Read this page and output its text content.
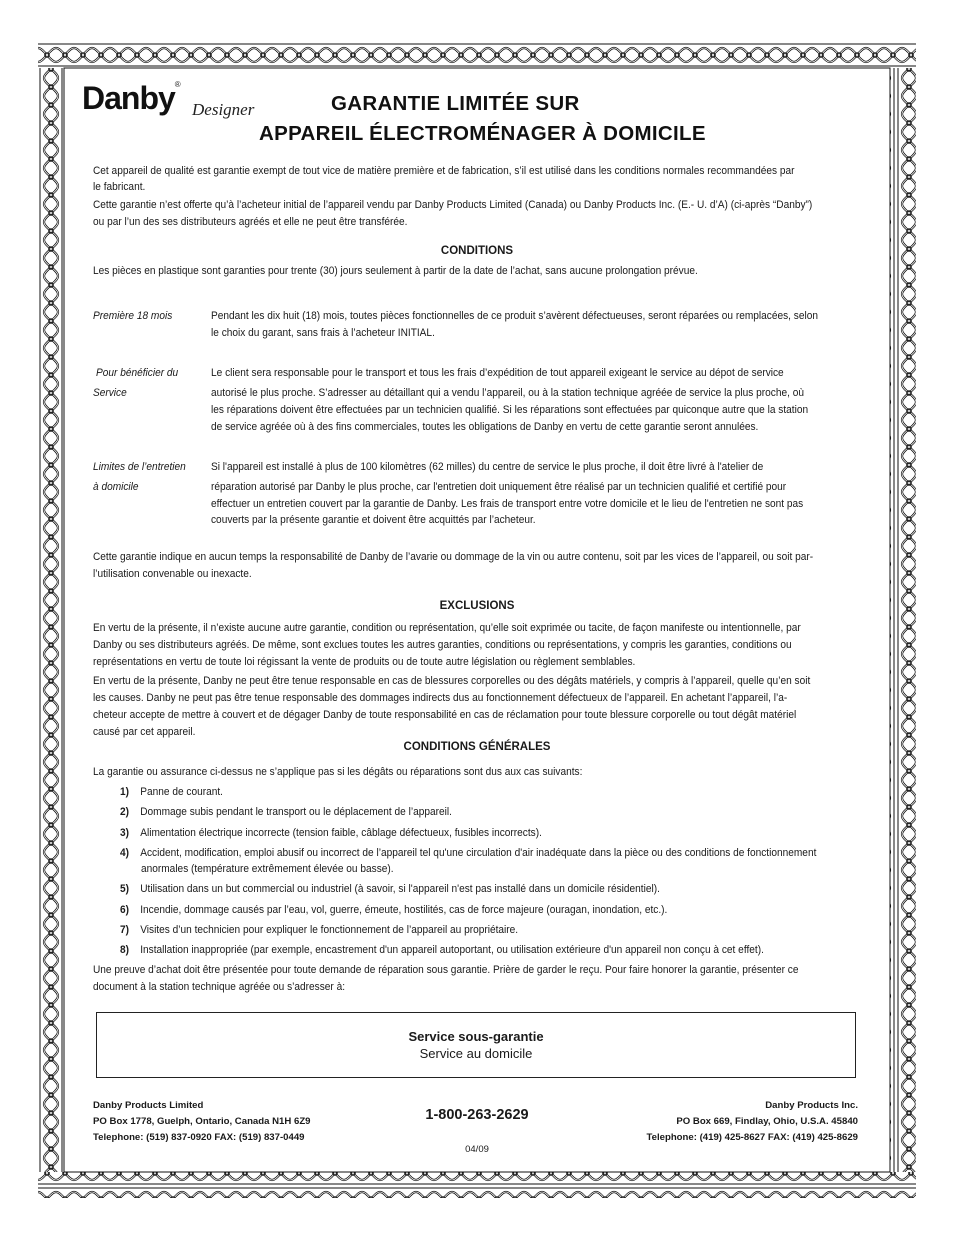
Danby®
Designer	GARANTIE LIMITÉE SUR
APPAREIL ÉLECTROMÉNAGER À DOMICILE
Cet appareil de qualité est garantie exempt de tout vice de matière première et de fabrication, s’il est utilisé dans les conditions normales recommandées par
le fabricant.
Cette garantie n’est offerte qu’à l’acheteur initial de l’appareil vendu par Danby Products Limited (Canada) ou Danby Products Inc. (E.- U. d’A) (ci-après “Danby”)
ou par l’un des ses distributeurs agréés et elle ne peut être transférée.
CONDITIONS
Les pièces en plastique sont garanties pour trente (30) jours seulement à partir de la date de l’achat, sans aucune prolongation prévue.
Première 18 mois	Pendant les dix huit (18) mois, toutes pièces fonctionnelles de ce produit s’avèrent défectueuses, seront réparées ou remplacées, selon
le choix du garant, sans frais à l’acheteur INITIAL.
Pour bénéficier du
Service
Le client sera responsable pour le transport et tous les frais d’expédition de tout appareil exigeant le service au dépot de service
autorisé le plus proche. S’adresser au détaillant qui a vendu l’appareil, ou à la station technique agréée de service la plus proche, où
les réparations doivent être effectuées par un technicien qualifié. Si les réparations sont effectuées par quiconque autre que la station
de service agréée où à des fins commerciales, toutes les obligations de Danby en vertu de cette garantie seront annulées.
Limites de l’entretien
à domicile
Si l'appareil est installé à plus de 100 kilomètres (62 milles) du centre de service le plus proche, il doit être livré à l'atelier de
réparation autorisé par Danby le plus proche, car l'entretien doit uniquement être réalisé par un technicien qualifié et certifié pour
effectuer un entretien couvert par la garantie de Danby. Les frais de transport entre votre domicile et le lieu de l'entretien ne sont pas
couverts par la présente garantie et doivent être acquittés par l’acheteur.
Cette garantie indique en aucun temps la responsabilité de Danby de l’avarie ou dommage de la vin ou autre contenu, soit par les vices de l’appareil, ou soit par-
l’utilisation convenable ou inexacte.
EXCLUSIONS
En vertu de la présente, il n’existe aucune autre garantie, condition ou représentation, qu’elle soit exprimée ou tacite, de façon manifeste ou intentionnelle, par
Danby ou ses distributeurs agréés. De même, sont exclues toutes les autres garanties, conditions ou représentations, y compris les garanties, conditions ou
représentations en vertu de toute loi régissant la vente de produits ou de toute autre législation ou règlement semblables.
En vertu de la présente, Danby ne peut être tenue responsable en cas de blessures corporelles ou des dégâts matériels, y compris à l’appareil, quelle qu’en soit
les causes. Danby ne peut pas être tenue responsable des dommages indirects dus au fonctionnement défectueux de l’appareil. En achetant l’appareil, l’a-
cheteur accepte de mettre à couvert et de dégager Danby de toute responsabilité en cas de réclamation pour toute blessure corporelle ou tout dégât matériel
causé par cet appareil.
CONDITIONS GÉNÉRALES
La garantie ou assurance ci-dessus ne s’applique pas si les dégâts ou réparations sont dus aux cas suivants:
1) Panne de courant.
2) Dommage subis pendant le transport ou le déplacement de l’appareil.
3) Alimentation électrique incorrecte (tension faible, câblage défectueux, fusibles incorrects).
4) Accident, modification, emploi abusif ou incorrect de l’appareil tel qu'une circulation d'air inadéquate dans la pièce ou des conditions de fonctionnement
anormales (température extrêmement élevée ou basse).
5) Utilisation dans un but commercial ou industriel (à savoir, si l'appareil n'est pas installé dans un domicile résidentiel).
6) Incendie, dommage causés par l’eau, vol, guerre, émeute, hostilités, cas de force majeure (ouragan, inondation, etc.).
7) Visites d’un technicien pour expliquer le fonctionnement de l’appareil au propriétaire.
8) Installation inappropriée (par exemple, encastrement d'un appareil autoportant, ou utilisation extérieure d'un appareil non conçu à cet effet).
Une preuve d’achat doit être présentée pour toute demande de réparation sous garantie. Prière de garder le reçu. Pour faire honorer la garantie, présenter ce
document à la station technique agréée ou s’adresser à:
Service sous-garantie
Service au domicile
Danby Products Limited
PO Box 1778, Guelph, Ontario, Canada N1H 6Z9
Telephone: (519) 837-0920 FAX: (519) 837-0449
1-800-263-2629
04/09
Danby Products Inc.
PO Box 669, Findlay, Ohio, U.S.A. 45840
Telephone: (419) 425-8627 FAX: (419) 425-8629
